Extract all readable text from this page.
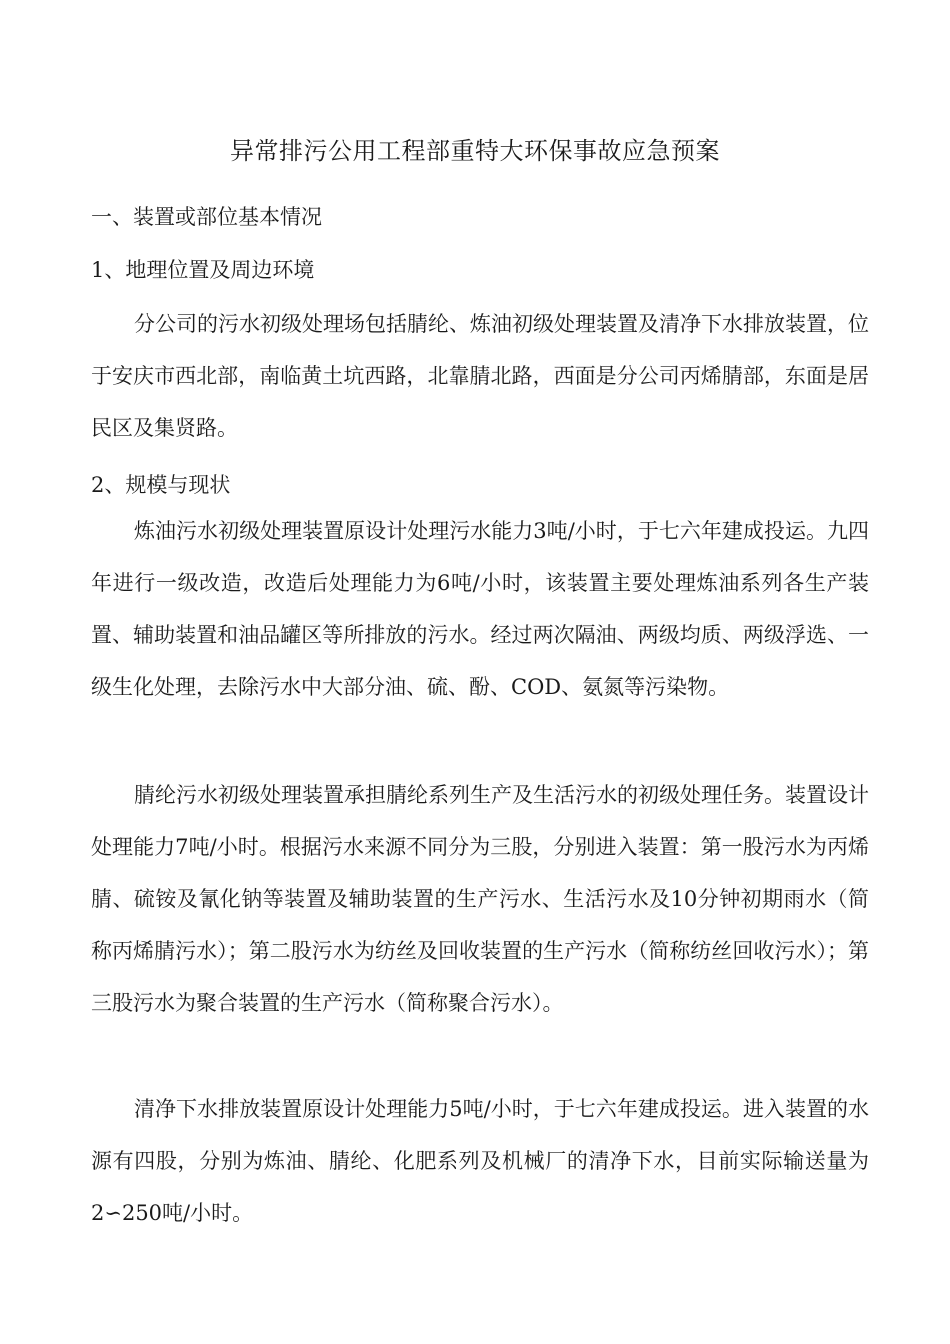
异常排污公用工程部重特大环保事故应急预案

一、装置或部位基本情况

1、地理位置及周边环境

分公司的污水初级处理场包括腈纶、炼油初级处理装置及清净下水排放装置，位于安庆市西北部，南临黄土坑西路，北靠腈北路，西面是分公司丙烯腈部，东面是居民区及集贤路。

2、规模与现状

炼油污水初级处理装置原设计处理污水能力3吨/小时，于七六年建成投运。九四年进行一级改造，改造后处理能力为6吨/小时，该装置主要处理炼油系列各生产装置、辅助装置和油品罐区等所排放的污水。经过两次隔油、两级均质、两级浮选、一级生化处理，去除污水中大部分油、硫、酚、COD、氨氮等污染物。

腈纶污水初级处理装置承担腈纶系列生产及生活污水的初级处理任务。装置设计处理能力7吨/小时。根据污水来源不同分为三股，分别进入装置：第一股污水为丙烯腈、硫铵及氰化钠等装置及辅助装置的生产污水、生活污水及10分钟初期雨水（简称丙烯腈污水）；第二股污水为纺丝及回收装置的生产污水（简称纺丝回收污水）；第三股污水为聚合装置的生产污水（简称聚合污水）。

清净下水排放装置原设计处理能力5吨/小时，于七六年建成投运。进入装置的水源有四股，分别为炼油、腈纶、化肥系列及机械厂的清净下水，目前实际输送量为2∽250吨/小时。
